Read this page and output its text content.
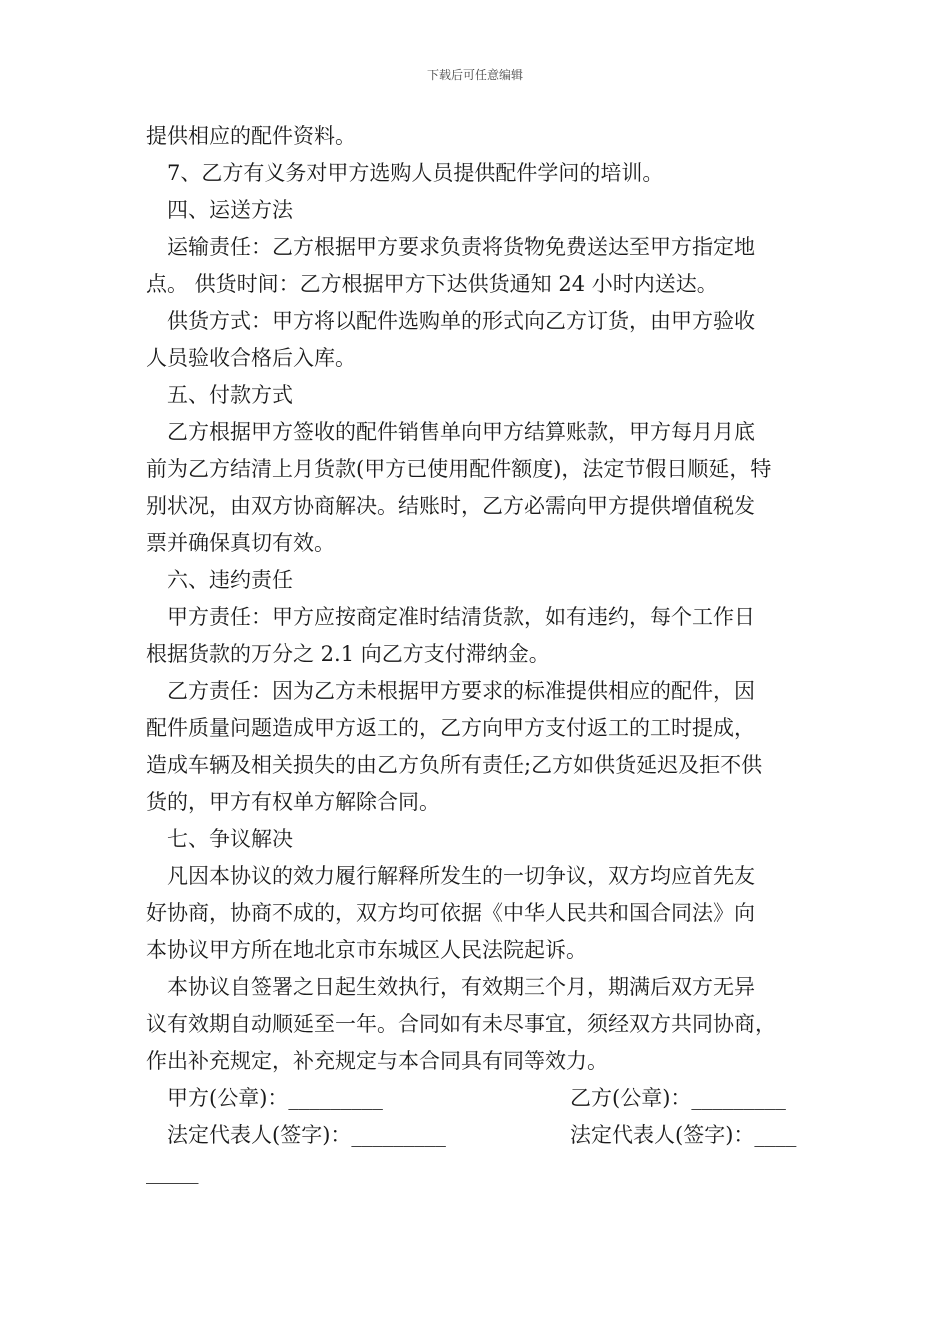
下载后可任意编辑

提供相应的配件资料。

7、乙方有义务对甲方选购人员提供配件学问的培训。

四、运送方法

运输责任：乙方根据甲方要求负责将货物免费送达至甲方指定地

点。 供货时间：乙方根据甲方下达供货通知 24 小时内送达。

供货方式：甲方将以配件选购单的形式向乙方订货，由甲方验收

人员验收合格后入库。

五、付款方式

乙方根据甲方签收的配件销售单向甲方结算账款，甲方每月月底

前为乙方结清上月货款(甲方已使用配件额度)，法定节假日顺延，特

别状况，由双方协商解决。结账时，乙方必需向甲方提供增值税发

票并确保真切有效。

六、违约责任

甲方责任：甲方应按商定准时结清货款，如有违约，每个工作日

根据货款的万分之 2.1 向乙方支付滞纳金。

乙方责任：因为乙方未根据甲方要求的标准提供相应的配件，因

配件质量问题造成甲方返工的，乙方向甲方支付返工的工时提成，

造成车辆及相关损失的由乙方负所有责任;乙方如供货延迟及拒不供

货的，甲方有权单方解除合同。

七、争议解决

凡因本协议的效力履行解释所发生的一切争议，双方均应首先友

好协商，协商不成的，双方均可依据《中华人民共和国合同法》向

本协议甲方所在地北京市东城区人民法院起诉。

本协议自签署之日起生效执行，有效期三个月，期满后双方无异

议有效期自动顺延至一年。合同如有未尽事宜，须经双方共同协商，

作出补充规定，补充规定与本合同具有同等效力。

甲方(公章)：_________	乙方(公章)：_________
法定代表人(签字)：_________	法定代表人(签字)：____
_____
